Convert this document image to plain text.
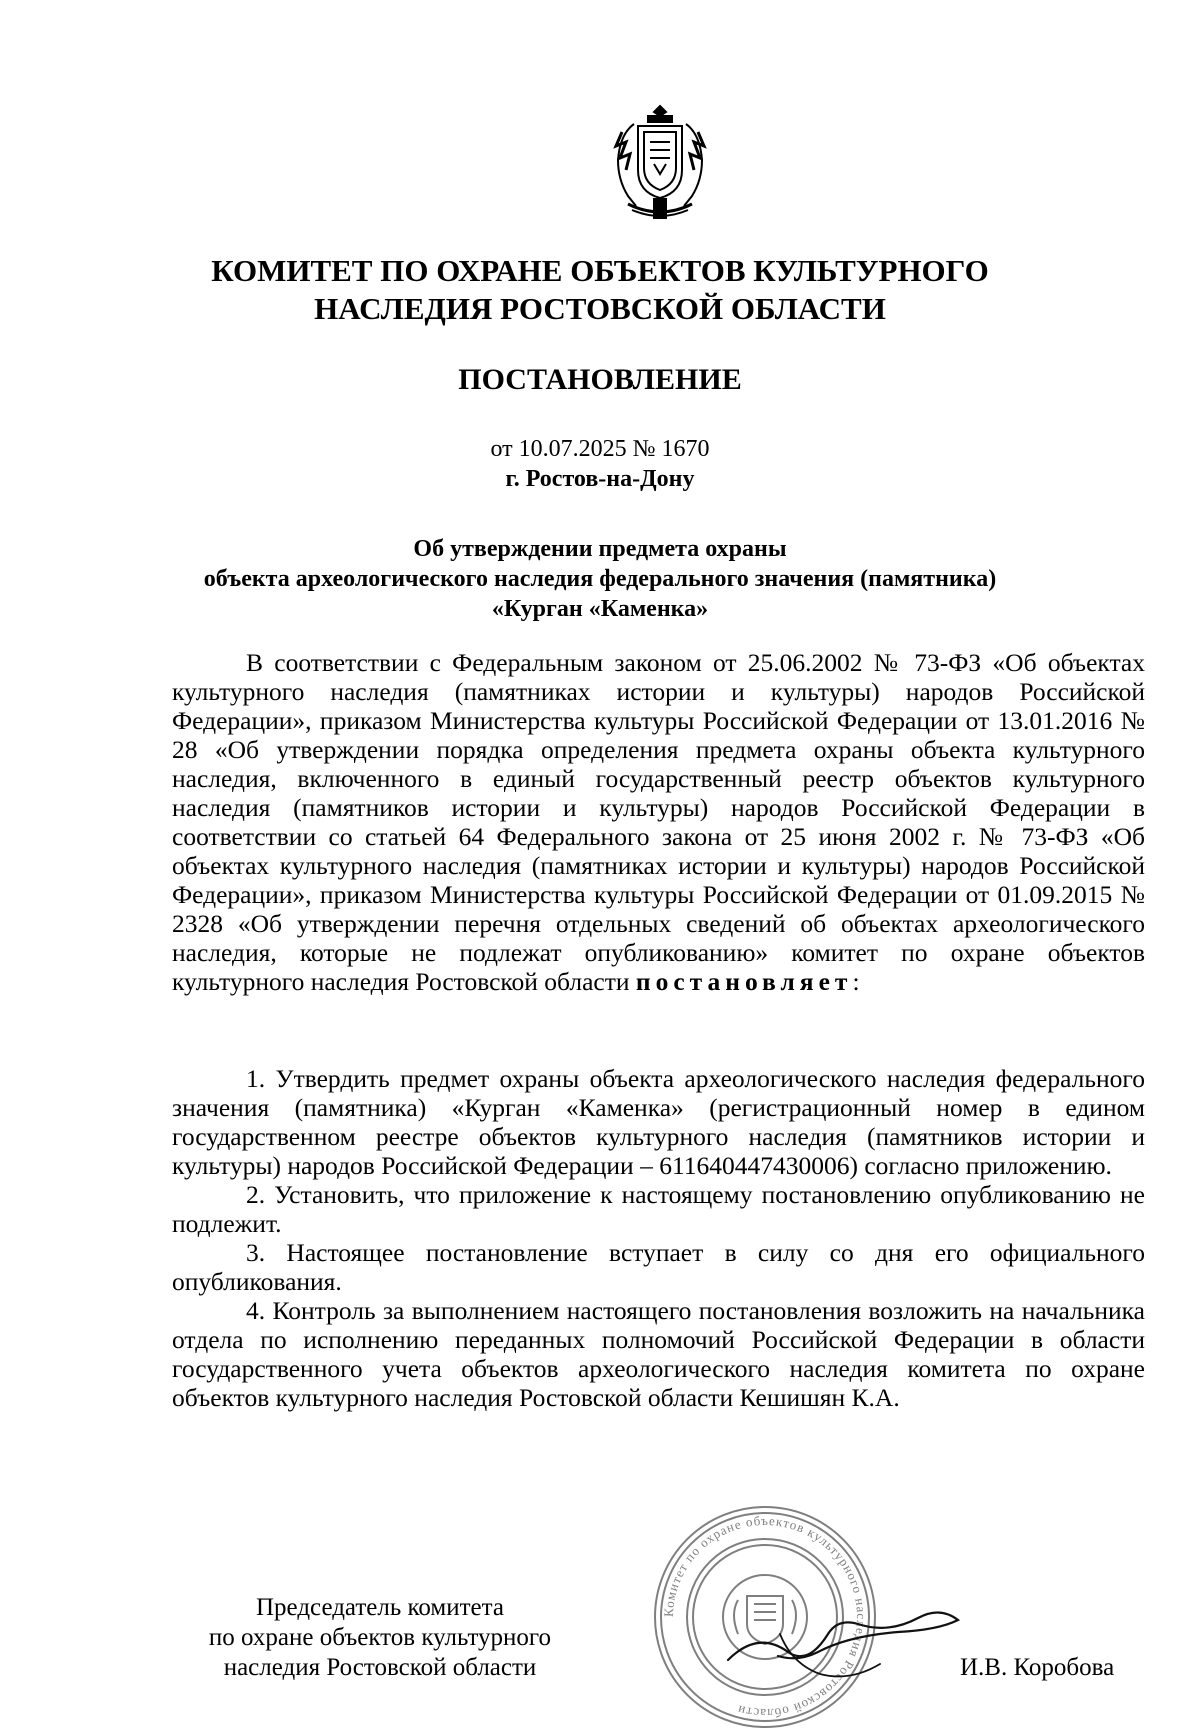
КОМИТЕТ ПО ОХРАНЕ ОБЪЕКТОВ КУЛЬТУРНОГО
НАСЛЕДИЯ РОСТОВСКОЙ ОБЛАСТИ
ПОСТАНОВЛЕНИЕ
от 10.07.2025 № 1670
г. Ростов-на-Дону
Об утверждении предмета охраны
объекта археологического наследия федерального значения (памятника)
«Курган «Каменка»

В соответствии с Федеральным законом от 25.06.2002 № 73-ФЗ «Об объектах культурного наследия (памятниках истории и культуры) народов Российской Федерации», приказом Министерства культуры Российской Федерации от 13.01.2016 № 28 «Об утверждении порядка определения предмета охраны объекта культурного наследия, включенного в единый государственный реестр объектов культурного наследия (памятников истории и культуры) народов Российской Федерации в соответствии со статьей 64 Федерального закона от 25 июня 2002 г. № 73-ФЗ «Об объектах культурного наследия (памятниках истории и культуры) народов Российской Федерации», приказом Министерства культуры Российской Федерации от 01.09.2015 № 2328 «Об утверждении перечня отдельных сведений об объектах археологического наследия, которые не подлежат опубликованию» комитет по охране объектов культурного наследия Ростовской области постановляет:

1. Утвердить предмет охраны объекта археологического наследия федерального значения (памятника) «Курган «Каменка» (регистрационный номер в едином государственном реестре объектов культурного наследия (памятников истории и культуры) народов Российской Федерации – 611640447430006) согласно приложению.

2. Установить, что приложение к настоящему постановлению опубликованию не подлежит.

3. Настоящее постановление вступает в силу со дня его официального опубликования.

4. Контроль за выполнением настоящего постановления возложить на начальника отдела по исполнению переданных полномочий Российской Федерации в области государственного учета объектов археологического наследия комитета по охране объектов культурного наследия Ростовской области Кешишян К.А.

Комитет по охране объектов культурного наследия Ростовской области
Председатель комитета
по охране объектов культурного
наследия Ростовской области	И.В. Коробова
